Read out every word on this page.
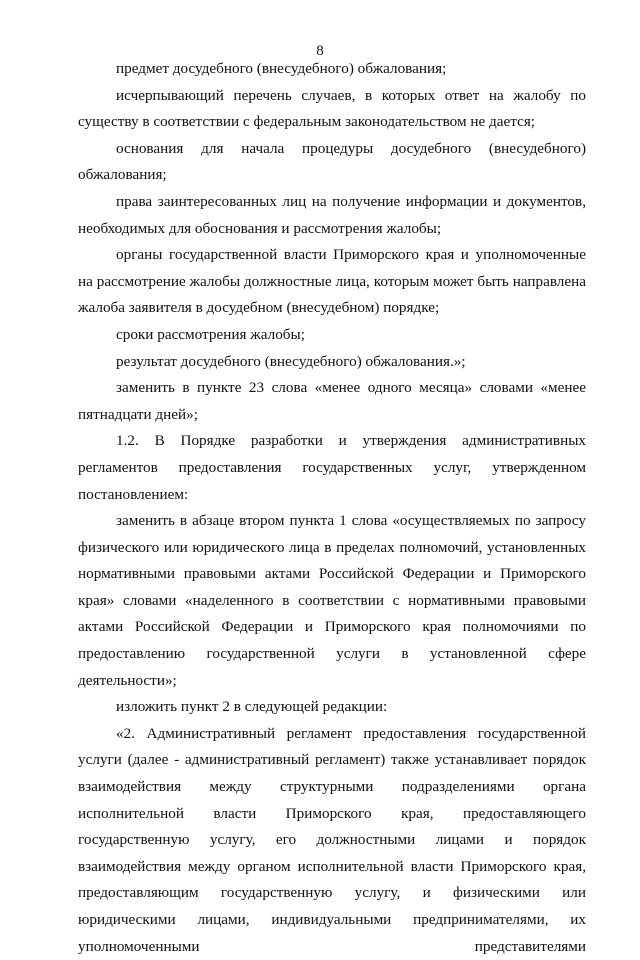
8

предмет досудебного (внесудебного) обжалования;

исчерпывающий перечень случаев, в которых ответ на жалобу по существу в соответствии с федеральным законодательством не дается;

основания для начала процедуры досудебного (внесудебного) обжалования;

права заинтересованных лиц на получение информации и документов, необходимых для обоснования и рассмотрения жалобы;

органы государственной власти Приморского края и уполномоченные на рассмотрение жалобы должностные лица, которым может быть направлена жалоба заявителя в досудебном (внесудебном) порядке;

сроки рассмотрения жалобы;

результат досудебного (внесудебного) обжалования.»;

заменить в пункте 23 слова «менее одного месяца» словами «менее пятнадцати дней»;

1.2. В Порядке разработки и утверждения административных регламентов предоставления государственных услуг, утвержденном постановлением:

заменить в абзаце втором пункта 1 слова «осуществляемых по запросу физического или юридического лица в пределах полномочий, установленных нормативными правовыми актами Российской Федерации и Приморского края» словами «наделенного в соответствии с нормативными правовыми актами Российской Федерации и Приморского края полномочиями по предоставлению государственной услуги в установленной сфере деятельности»;

изложить пункт 2 в следующей редакции:

«2. Административный регламент предоставления государственной услуги (далее - административный регламент) также устанавливает порядок взаимодействия между структурными подразделениями органа исполнительной власти Приморского края, предоставляющего государственную услугу, его должностными лицами и порядок взаимодействия между органом исполнительной власти Приморского края, предоставляющим государственную услугу, и физическими или юридическими лицами, индивидуальными предпринимателями, их уполномоченными представителями
